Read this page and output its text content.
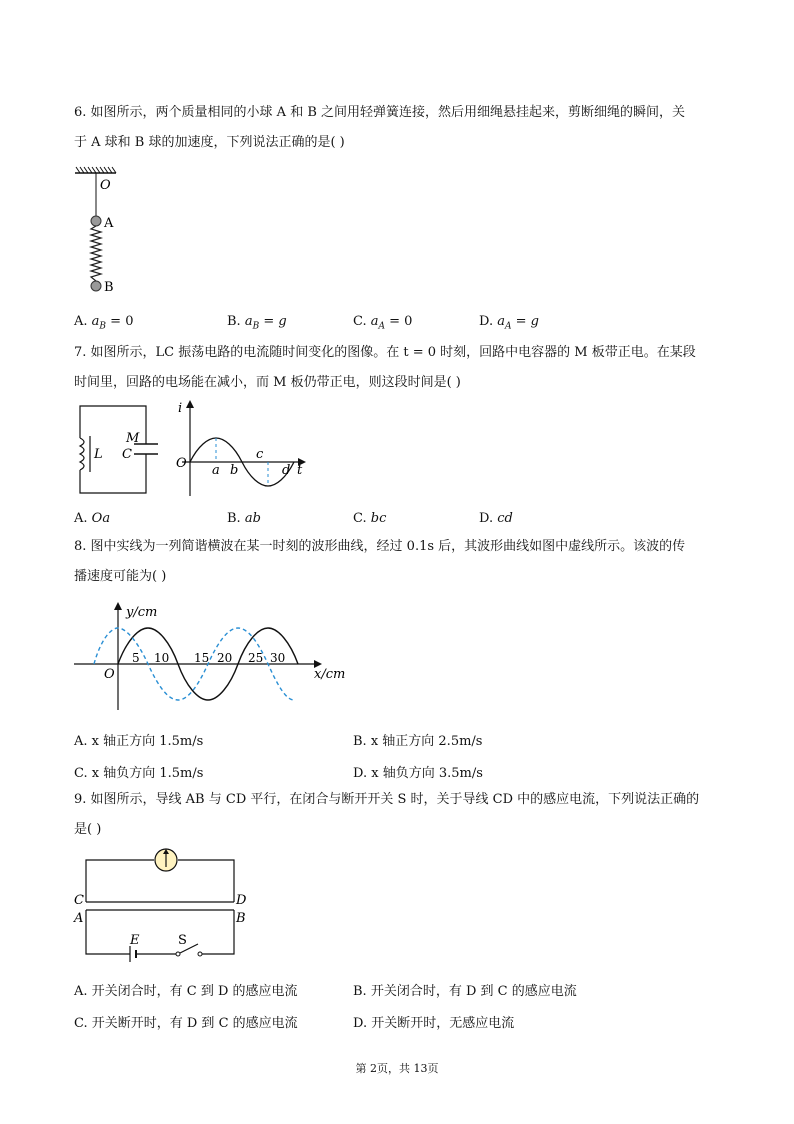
6. 如图所示，两个质量相同的小球 A 和 B 之间用轻弹簧连接，然后用细绳悬挂起来，剪断细绳的瞬间，关
于 A 球和 B 球的加速度，下列说法正确的是( )
O
A
B
A. $a_B = 0$	B. $a_B = g$	C. $a_A = 0$	D. $a_A = g$
7. 如图所示，LC 振荡电路的电流随时间变化的图像。在 t = 0 时刻，回路中电容器的 M 板带正电。在某段
时间里，回路的电场能在减小，而 M 板仍带正电，则这段时间是( )
L
M
C
i
O a b
c
d t
A. Oa	B. ab	C. bc	D. cd
8. 图中实线为一列简谐横波在某一时刻的波形曲线，经过 0.1s 后，其波形曲线如图中虚线所示。该波的传
播速度可能为( )
y/cm
x/cm
O
5 10 15 20 25 30
A. x 轴正方向 1.5m/s	B. x 轴正方向 2.5m/s
C. x 轴负方向 1.5m/s	D. x 轴负方向 3.5m/s
9. 如图所示，导线 AB 与 CD 平行，在闭合与断开开关 S 时，关于导线 CD 中的感应电流，下列说法正确的
是( )
C	D
A	B
E	S
A. 开关闭合时，有 C 到 D 的感应电流	B. 开关闭合时，有 D 到 C 的感应电流
C. 开关断开时，有 D 到 C 的感应电流	D. 开关断开时，无感应电流
第 2页，共 13页
